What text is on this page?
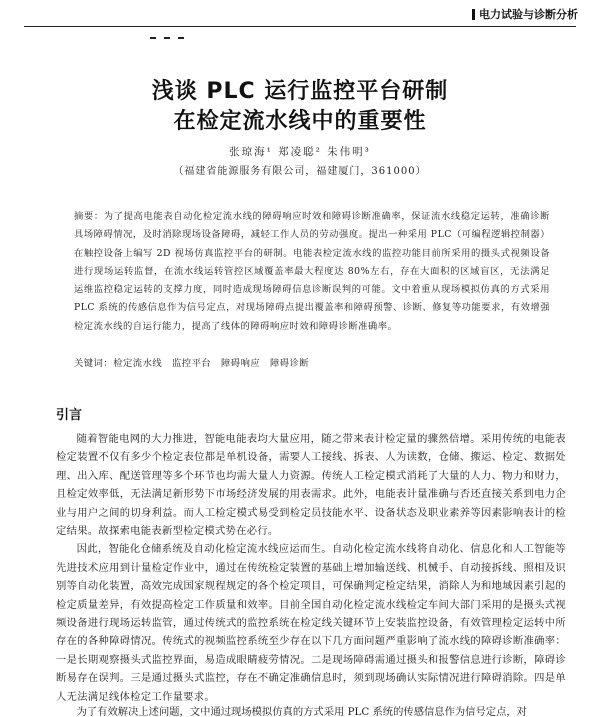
电力试验与诊断分析
浅谈 PLC 运行监控平台研制
在检定流水线中的重要性
张琼海¹ 郑凌聪² 朱伟明³
（福建省能源服务有限公司，福建厦门，361000）
摘要：为了提高电能表自动化检定流水线的障碍响应时效和障碍诊断准确率，保证流水线稳定运转，准确诊断具场障碍情况，及时消除现场设备障碍，减轻工作人员的劳动强度。提出一种采用 PLC（可编程逻辑控制器）在触控设备上编写 2D 视场仿真监控平台的研制。电能表检定流水线的监控功能目前所采用的摄头式视频设备进行现场运转监督，在流水线运转管控区域覆盖率最大程度达 80%左右，存在大面积的区域盲区，无法满足运维监控稳定运转的支撑力度，同时造成现场障碍信息诊断误判的可能。文中着重从现场模拟仿真的方式采用 PLC 系统的传感信息作为信号定点，对现场障碍点提出覆盖率和障碍预警、诊断、修复等功能要求，有效增强检定流水线的自运行能力，提高了线体的障碍响应时效和障碍诊断准确率。
关键词：检定流水线　监控平台　障碍响应　障碍诊断
引言

随着智能电网的大力推进，智能电能表均大量应用，随之带来表计检定量的骤然倍增。采用传统的电能表检定装置不仅有多少个检定表位都是单机设备，需要人工接线、拆表、人为读数，仓储、搬运、检定、数据处理、出入库、配送管理等多个环节也均需大量人力资源。传统人工检定模式消耗了大量的人力、物力和财力，且检定效率低，无法满足新形势下市场经济发展的用表需求。此外，电能表计量准确与否还直接关系到电力企业与用户之间的切身利益。而人工检定模式易受到检定员技能水平、设备状态及职业素养等因素影响表计的检定结果。故探索电能表新型检定模式势在必行。

因此，智能化仓储系统及自动化检定流水线应运而生。自动化检定流水线将自动化、信息化和人工智能等先进技术应用到计量检定作业中，通过在传统检定装置的基础上增加输送线、机械手、自动接拆线、照相及识别等自动化装置，高效完成国家规程规定的各个检定项目，可保确判定检定结果，消除人为和地域因素引起的检定质量差异，有效提高检定工作质量和效率。目前全国自动化检定流水线检定车间大部门采用的是摄头式视频设备进行现场运转监管，通过传统式的监控系统在检定线关键环节上安装监控设备，有效管理检定运转中所存在的各种障碍情况。传统式的视频监控系统至少存在以下几方面问题严重影响了流水线的障碍诊断准确率：一是长期观察摄头式监控界面，易造成眼睛疲劳情况。二是现场障碍需通过摄头和报警信息进行诊断，障碍诊断易存在误判。三是通过摄头式监控，存在不确定准确信息时，须到现场确认实际情况进行障碍消除。四是单人无法满足线体检定工作量要求。

为了有效解决上述问题，文中通过现场模拟仿真的方式采用 PLC 系统的传感信息作为信号定点，对
